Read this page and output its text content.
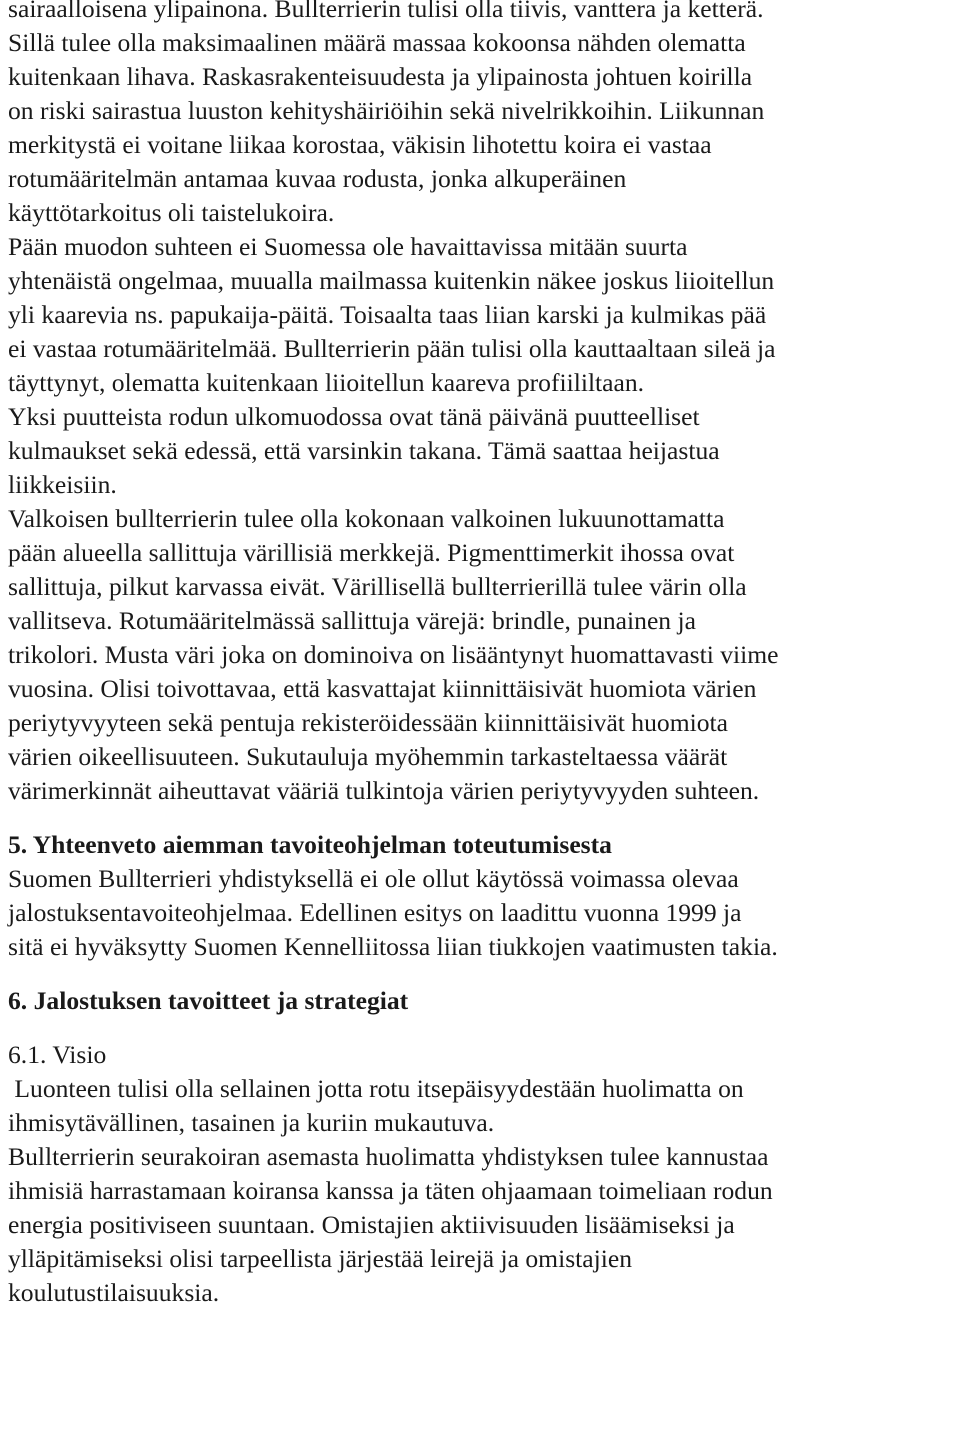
sairaalloisena ylipainona. Bullterrierin tulisi olla tiivis, vanttera ja ketterä.
Sillä tulee olla maksimaalinen määrä massaa kokoonsa nähden olematta
kuitenkaan lihava. Raskasrakenteisuudesta ja ylipainosta johtuen koirilla
on riski sairastua luuston kehityshäiriöihin sekä nivelrikkoihin. Liikunnan
merkitystä ei voitane liikaa korostaa, väkisin lihotettu koira ei vastaa
rotumääritelmän antamaa kuvaa rodusta, jonka alkuperäinen
käyttötarkoitus oli taistelukoira.
Pään muodon suhteen ei Suomessa ole havaittavissa mitään suurta
yhtenäistä ongelmaa, muualla mailmassa kuitenkin näkee joskus liioitellun
yli kaarevia ns. papukaija-päitä. Toisaalta taas liian karski ja kulmikas pää
ei vastaa rotumääritelmää. Bullterrierin pään tulisi olla kauttaaltaan sileä ja
täyttynyt, olematta kuitenkaan liioitellun kaareva profiililtaan.
Yksi puutteista rodun ulkomuodossa ovat tänä päivänä puutteelliset
kulmaukset sekä edessä, että varsinkin takana. Tämä saattaa heijastua
liikkeisiin.
Valkoisen bullterrierin tulee olla kokonaan valkoinen lukuunottamatta
pään alueella sallittuja värillisiä merkkejä. Pigmenttimerkit ihossa ovat
sallittuja, pilkut karvassa eivät. Värillisellä bullterrierillä tulee värin olla
vallitseva. Rotumääritelmässä sallittuja värejä: brindle, punainen ja
trikolori. Musta väri joka on dominoiva on lisääntynyt huomattavasti viime
vuosina. Olisi toivottavaa, että kasvattajat kiinnittäisivät huomiota värien
periytyvyyteen sekä pentuja rekisteröidessään kiinnittäisivät huomiota
värien oikeellisuuteen. Sukutauluja myöhemmin tarkasteltaessa väärät
värimerkinnät aiheuttavat vääriä tulkintoja värien periytyvyyden suhteen.
5. Yhteenveto aiemman tavoiteohjelman toteutumisesta
Suomen Bullterrieri yhdistyksellä ei ole ollut käytössä voimassa olevaa
jalostuksentavoiteohjelmaa. Edellinen esitys on laadittu vuonna 1999 ja
sitä ei hyväksytty Suomen Kennelliitossa liian tiukkojen vaatimusten takia.
6. Jalostuksen tavoitteet ja strategiat
6.1. Visio
Luonteen tulisi olla sellainen jotta rotu itsepäisyydestään huolimatta on
ihmisytävällinen, tasainen ja kuriin mukautuva.
Bullterrierin seurakoiran asemasta huolimatta yhdistyksen tulee kannustaa
ihmisiä harrastamaan koiransa kanssa ja täten ohjaamaan toimeliaan rodun
energia positiviseen suuntaan. Omistajien aktiivisuuden lisäämiseksi ja
ylläpitämiseksi olisi tarpeellista järjestää leirejä ja omistajien
koulutustilaisuuksia.
